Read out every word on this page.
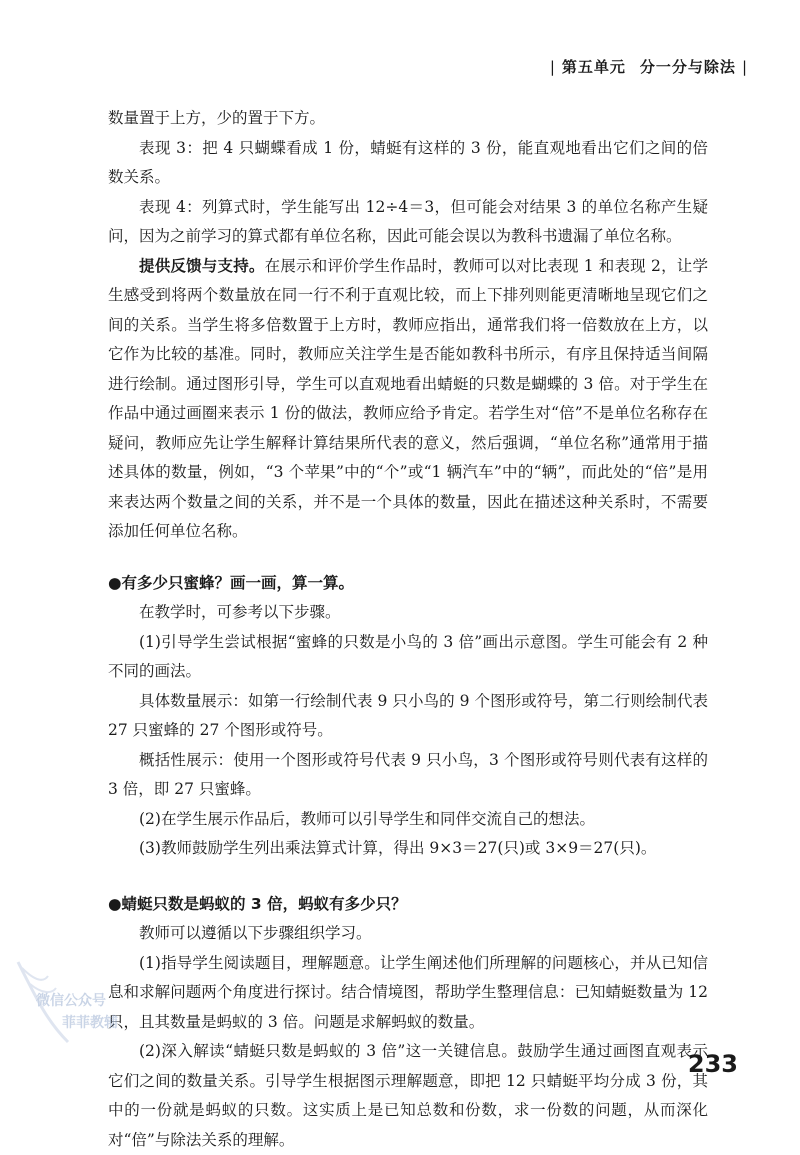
| 第五单元 分一分与除法 |

数量置于上方，少的置于下方。

表现 3：把 4 只蝴蝶看成 1 份，蜻蜓有这样的 3 份，能直观地看出它们之间的倍数关系。

表现 4：列算式时，学生能写出 12÷4＝3，但可能会对结果 3 的单位名称产生疑问，因为之前学习的算式都有单位名称，因此可能会误以为教科书遗漏了单位名称。

提供反馈与支持。在展示和评价学生作品时，教师可以对比表现 1 和表现 2，让学生感受到将两个数量放在同一行不利于直观比较，而上下排列则能更清晰地呈现它们之间的关系。当学生将多倍数置于上方时，教师应指出，通常我们将一倍数放在上方，以它作为比较的基准。同时，教师应关注学生是否能如教科书所示，有序且保持适当间隔进行绘制。通过图形引导，学生可以直观地看出蜻蜓的只数是蝴蝶的 3 倍。对于学生在作品中通过画圈来表示 1 份的做法，教师应给予肯定。若学生对“倍”不是单位名称存在疑问，教师应先让学生解释计算结果所代表的意义，然后强调，“单位名称”通常用于描述具体的数量，例如，“3 个苹果”中的“个”或“1 辆汽车”中的“辆”，而此处的“倍”是用来表达两个数量之间的关系，并不是一个具体的数量，因此在描述这种关系时，不需要添加任何单位名称。

●有多少只蜜蜂？画一画，算一算。

在教学时，可参考以下步骤。

(1)引导学生尝试根据“蜜蜂的只数是小鸟的 3 倍”画出示意图。学生可能会有 2 种不同的画法。

具体数量展示：如第一行绘制代表 9 只小鸟的 9 个图形或符号，第二行则绘制代表 27 只蜜蜂的 27 个图形或符号。

概括性展示：使用一个图形或符号代表 9 只小鸟，3 个图形或符号则代表有这样的 3 倍，即 27 只蜜蜂。

(2)在学生展示作品后，教师可以引导学生和同伴交流自己的想法。

(3)教师鼓励学生列出乘法算式计算，得出 9×3＝27(只)或 3×9＝27(只)。

●蜻蜓只数是蚂蚁的 3 倍，蚂蚁有多少只？

教师可以遵循以下步骤组织学习。

(1)指导学生阅读题目，理解题意。让学生阐述他们所理解的问题核心，并从已知信息和求解问题两个角度进行探讨。结合情境图，帮助学生整理信息：已知蜻蜓数量为 12 只，且其数量是蚂蚁的 3 倍。问题是求解蚂蚁的数量。

(2)深入解读“蜻蜓只数是蚂蚁的 3 倍”这一关键信息。鼓励学生通过画图直观表示它们之间的数量关系。引导学生根据图示理解题意，即把 12 只蜻蜓平均分成 3 份，其中的一份就是蚂蚁的只数。这实质上是已知总数和份数，求一份数的问题，从而深化对“倍”与除法关系的理解。

微信公众号
菲菲教辅
233
